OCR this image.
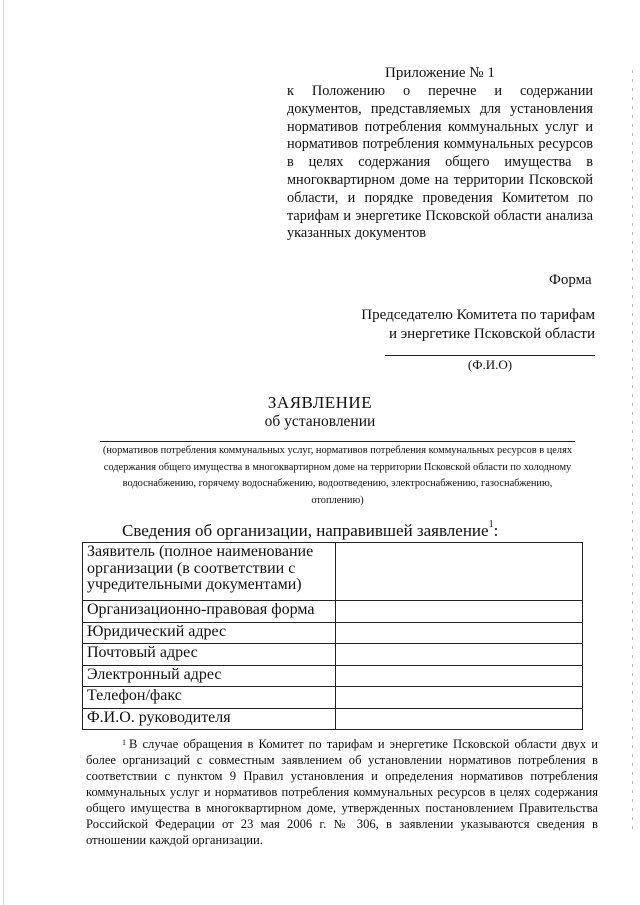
Приложение № 1
к Положению о перечне и содержании документов, представляемых для установления нормативов потребления коммунальных услуг и нормативов потребления коммунальных ресурсов в целях содержания общего имущества в многоквартирном доме на территории Псковской области, и порядке проведения Комитетом по тарифам и энергетике Псковской области анализа указанных документов
Форма
Председателю Комитета по тарифам
и энергетике Псковской области
(Ф.И.О)
ЗАЯВЛЕНИЕ
об установлении
(нормативов потребления коммунальных услуг, нормативов потребления коммунальных ресурсов в целях содержания общего имущества в многоквартирном доме на территории Псковской области по холодному водоснабжению, горячему водоснабжению, водоотведению, электроснабжению, газоснабжению, отоплению)
Сведения об организации, направившей заявление$^1$:
Заявитель (полное наименование организации (в соответствии с учредительными документами)	
Организационно-правовая форма	
Юридический адрес	
Почтовый адрес	
Электронный адрес	
Телефон/факс	
Ф.И.О. руководителя	
$^1$ В случае обращения в Комитет по тарифам и энергетике Псковской области двух и более организаций с совместным заявлением об установлении нормативов потребления в соответствии с пунктом 9 Правил установления и определения нормативов потребления коммунальных услуг и нормативов потребления коммунальных ресурсов в целях содержания общего имущества в многоквартирном доме, утвержденных постановлением Правительства Российской Федерации от 23 мая 2006 г. № 306, в заявлении указываются сведения в отношении каждой организации.
